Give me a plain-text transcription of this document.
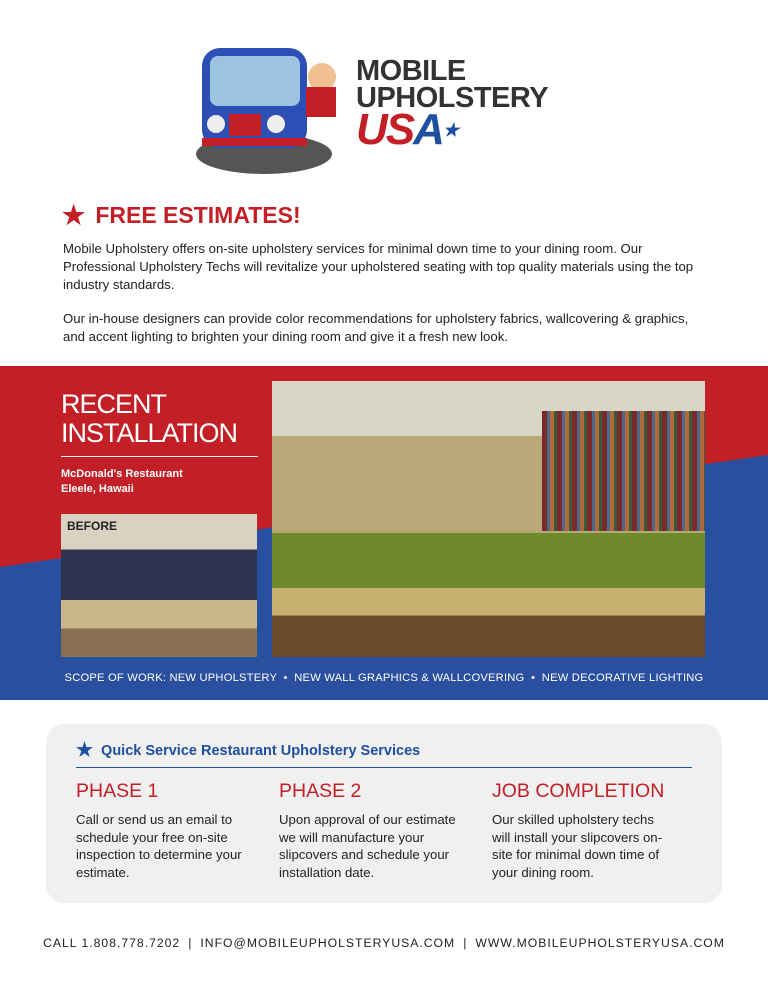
MOBILE
UPHOLSTERY
USA★
★ FREE ESTIMATES!
Mobile Upholstery offers on-site upholstery services for minimal down time to your dining room. Our Professional Upholstery Techs will revitalize your upholstered seating with top quality materials using the top industry standards.
Our in-house designers can provide color recommendations for upholstery fabrics, wallcovering & graphics, and accent lighting to brighten your dining room and give it a fresh new look.
RECENT
INSTALLATION
McDonald's Restaurant
Eleele, Hawaii
BEFORE
SCOPE OF WORK: NEW UPHOLSTERY  •  NEW WALL GRAPHICS & WALLCOVERING  •  NEW DECORATIVE LIGHTING
★ Quick Service Restaurant Upholstery Services
PHASE 1
Call or send us an email to schedule your free on-site inspection to determine your estimate.
PHASE 2
Upon approval of our estimate we will manufacture your slipcovers and schedule your installation date.
JOB COMPLETION
Our skilled upholstery techs will install your slipcovers on-site for minimal down time of your dining room.
CALL 1.808.778.7202 | INFO@MOBILEUPHOLSTERYUSA.COM | WWW.MOBILEUPHOLSTERYUSA.COM
